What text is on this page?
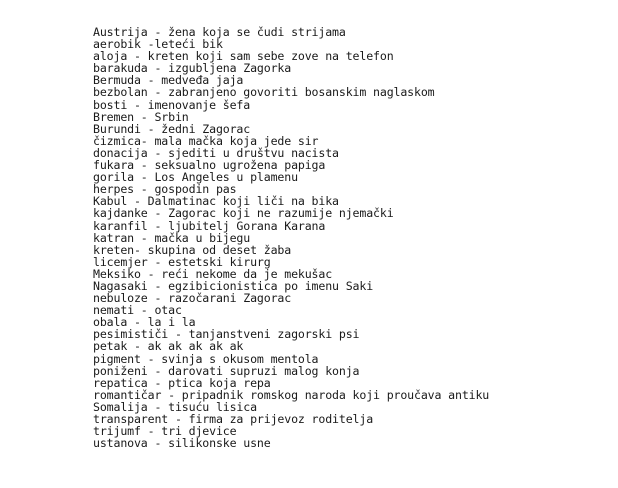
Austrija - žena koja se čudi strijama
aerobik -leteći bik
aloja - kreten koji sam sebe zove na telefon
barakuda - izgubljena Zagorka
Bermuda - medveđa jaja
bezbolan - zabranjeno govoriti bosanskim naglaskom
bosti - imenovanje šefa
Bremen - Srbin
Burundi - žedni Zagorac
čizmica- mala mačka koja jede sir
donacija - sjediti u društvu nacista
fukara - seksualno ugrožena papiga
gorila - Los Angeles u plamenu
herpes - gospodin pas
Kabul - Dalmatinac koji liči na bika
kajdanke - Zagorac koji ne razumije njemački
karanfil - ljubitelj Gorana Karana
katran - mačka u bijegu
kreten- skupina od deset žaba
licemjer - estetski kirurg
Meksiko - reći nekome da je mekušac
Nagasaki - egzibicionistica po imenu Saki
nebuloze - razočarani Zagorac
nemati - otac
obala - la i la
pesimističi - tanjanstveni zagorski psi
petak - ak ak ak ak ak
pigment - svinja s okusom mentola
poniženi - darovati supruzi malog konja
repatica - ptica koja repa
romantičar - pripadnik romskog naroda koji proučava antiku
Somalija - tisuću lisica
transparent - firma za prijevoz roditelja
trijumf - tri djevice
ustanova - silikonske usne
